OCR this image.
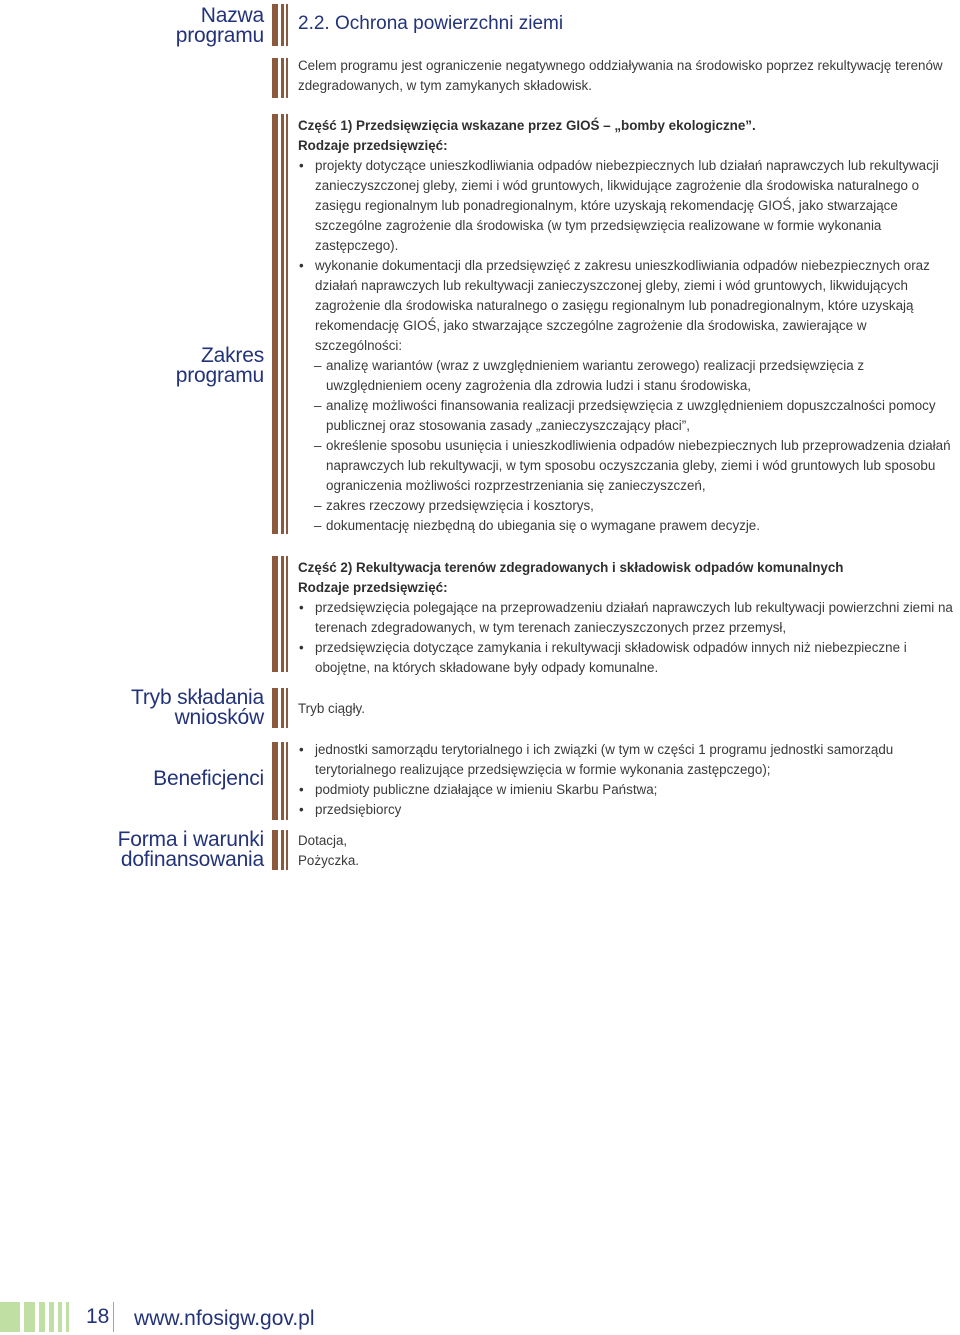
Nazwa
programu
2.2. Ochrona powierzchni ziemi
Celem programu jest ograniczenie negatywnego oddziaływania na środowisko poprzez rekultywację terenów zdegradowanych, w tym zamykanych składowisk.
Zakres
programu
Część 1) Przedsięwzięcia wskazane przez GIOŚ – „bomby ekologiczne”.
Rodzaje przedsięwzięć:
• projekty dotyczące unieszkodliwiania odpadów niebezpiecznych lub działań naprawczych lub rekultywacji zanieczyszczonej gleby, ziemi i wód gruntowych, likwidujące zagrożenie dla środowiska naturalnego o zasięgu regionalnym lub ponadregionalnym, które uzyskają rekomendację GIOŚ, jako stwarzające szczególne zagrożenie dla środowiska (w tym przedsięwzięcia realizowane w formie wykonania zastępczego).
• wykonanie dokumentacji dla przedsięwzięć z zakresu unieszkodliwiania odpadów niebezpiecznych oraz działań naprawczych lub rekultywacji zanieczyszczonej gleby, ziemi i wód gruntowych, likwidujących zagrożenie dla środowiska naturalnego o zasięgu regionalnym lub ponadregionalnym, które uzyskają rekomendację GIOŚ, jako stwarzające szczególne zagrożenie dla środowiska, zawierające w szczególności:
– analizę wariantów (wraz z uwzględnieniem wariantu zerowego) realizacji przedsięwzięcia z uwzględnieniem oceny zagrożenia dla zdrowia ludzi i stanu środowiska,
– analizę możliwości finansowania realizacji przedsięwzięcia z uwzględnieniem dopuszczalności pomocy publicznej oraz stosowania zasady „zanieczyszczający płaci”,
– określenie sposobu usunięcia i unieszkodliwienia odpadów niebezpiecznych lub przeprowadzenia działań naprawczych lub rekultywacji, w tym sposobu oczyszczania gleby, ziemi i wód gruntowych lub sposobu ograniczenia możliwości rozprzestrzeniania się zanieczyszczeń,
– zakres rzeczowy przedsięwzięcia i kosztorys,
– dokumentację niezbędną do ubiegania się o wymagane prawem decyzje.
Część 2) Rekultywacja terenów zdegradowanych i składowisk odpadów komunalnych
Rodzaje przedsięwzięć:
• przedsięwzięcia polegające na przeprowadzeniu działań naprawczych lub rekultywacji powierzchni ziemi na terenach zdegradowanych, w tym terenach zanieczyszczonych przez przemysł,
• przedsięwzięcia dotyczące zamykania i rekultywacji składowisk odpadów innych niż niebezpieczne i obojętne, na których składowane były odpady komunalne.
Tryb składania
wniosków	Tryb ciągły.
Beneficjenci
• jednostki samorządu terytorialnego i ich związki (w tym w części 1 programu jednostki samorządu terytorialnego realizujące przedsięwzięcia w formie wykonania zastępczego);
• podmioty publiczne działające w imieniu Skarbu Państwa;
• przedsiębiorcy
Forma i warunki
dofinansowania
Dotacja,
Pożyczka.
18 www.nfosigw.gov.pl
